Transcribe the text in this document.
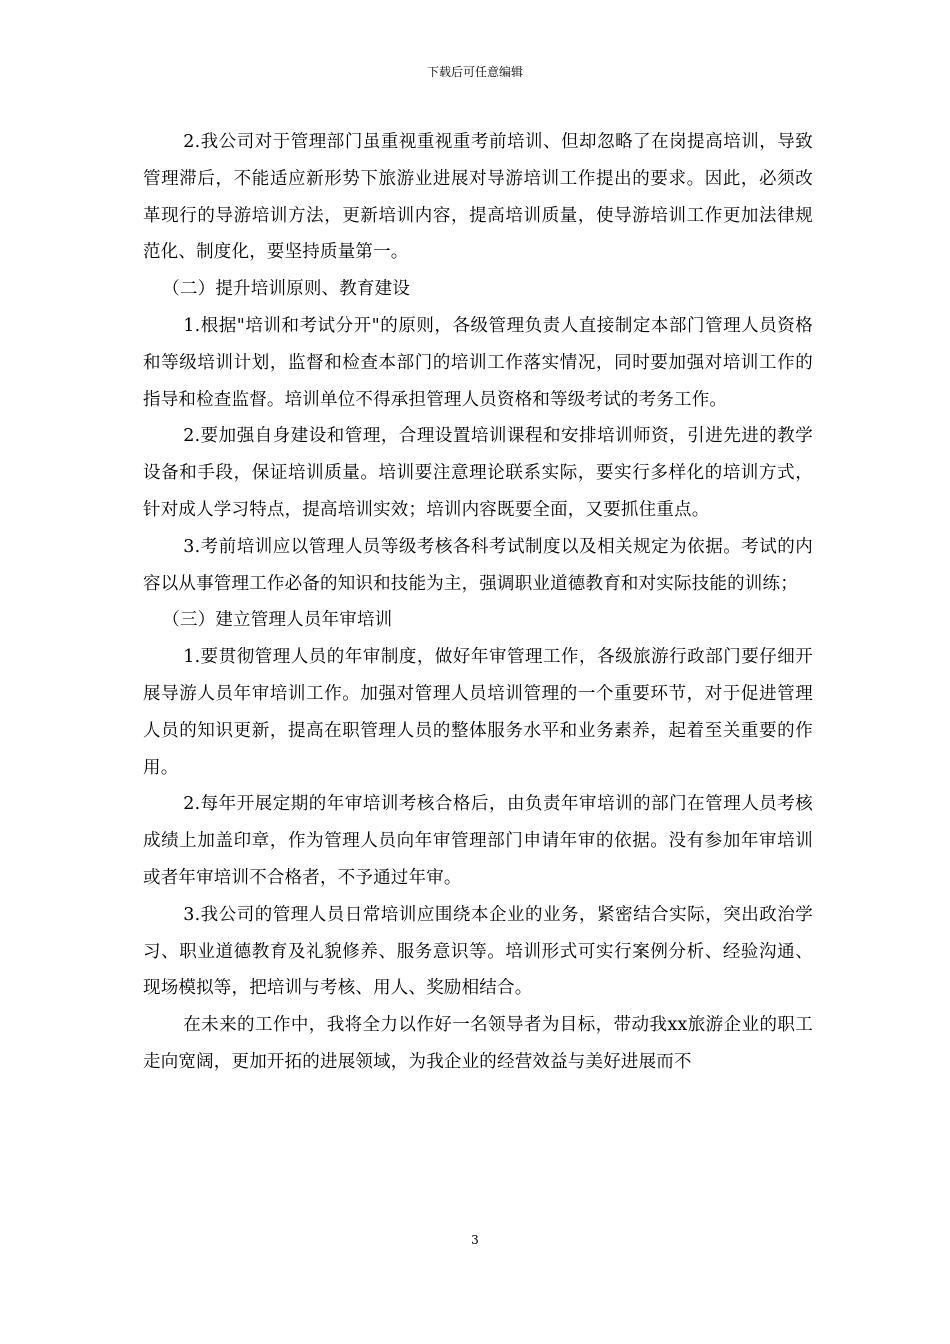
下载后可任意编辑

2.我公司对于管理部门虽重视重视重考前培训、但却忽略了在岗提高培训，导致管理滞后，不能适应新形势下旅游业进展对导游培训工作提出的要求。因此，必须改革现行的导游培训方法，更新培训内容，提高培训质量，使导游培训工作更加法律规范化、制度化，要坚持质量第一。

（二）提升培训原则、教育建设

1.根据"培训和考试分开"的原则，各级管理负责人直接制定本部门管理人员资格和等级培训计划，监督和检查本部门的培训工作落实情况，同时要加强对培训工作的指导和检查监督。培训单位不得承担管理人员资格和等级考试的考务工作。

2.要加强自身建设和管理，合理设置培训课程和安排培训师资，引进先进的教学设备和手段，保证培训质量。培训要注意理论联系实际，要实行多样化的培训方式，针对成人学习特点，提高培训实效；培训内容既要全面，又要抓住重点。

3.考前培训应以管理人员等级考核各科考试制度以及相关规定为依据。考试的内容以从事管理工作必备的知识和技能为主，强调职业道德教育和对实际技能的训练；

（三）建立管理人员年审培训

1.要贯彻管理人员的年审制度，做好年审管理工作，各级旅游行政部门要仔细开展导游人员年审培训工作。加强对管理人员培训管理的一个重要环节，对于促进管理人员的知识更新，提高在职管理人员的整体服务水平和业务素养，起着至关重要的作用。

2.每年开展定期的年审培训考核合格后，由负责年审培训的部门在管理人员考核成绩上加盖印章，作为管理人员向年审管理部门申请年审的依据。没有参加年审培训或者年审培训不合格者，不予通过年审。

3.我公司的管理人员日常培训应围绕本企业的业务，紧密结合实际，突出政治学习、职业道德教育及礼貌修养、服务意识等。培训形式可实行案例分析、经验沟通、现场模拟等，把培训与考核、用人、奖励相结合。

在未来的工作中，我将全力以作好一名领导者为目标，带动我xx旅游企业的职工走向宽阔，更加开拓的进展领域，为我企业的经营效益与美好进展而不

3
